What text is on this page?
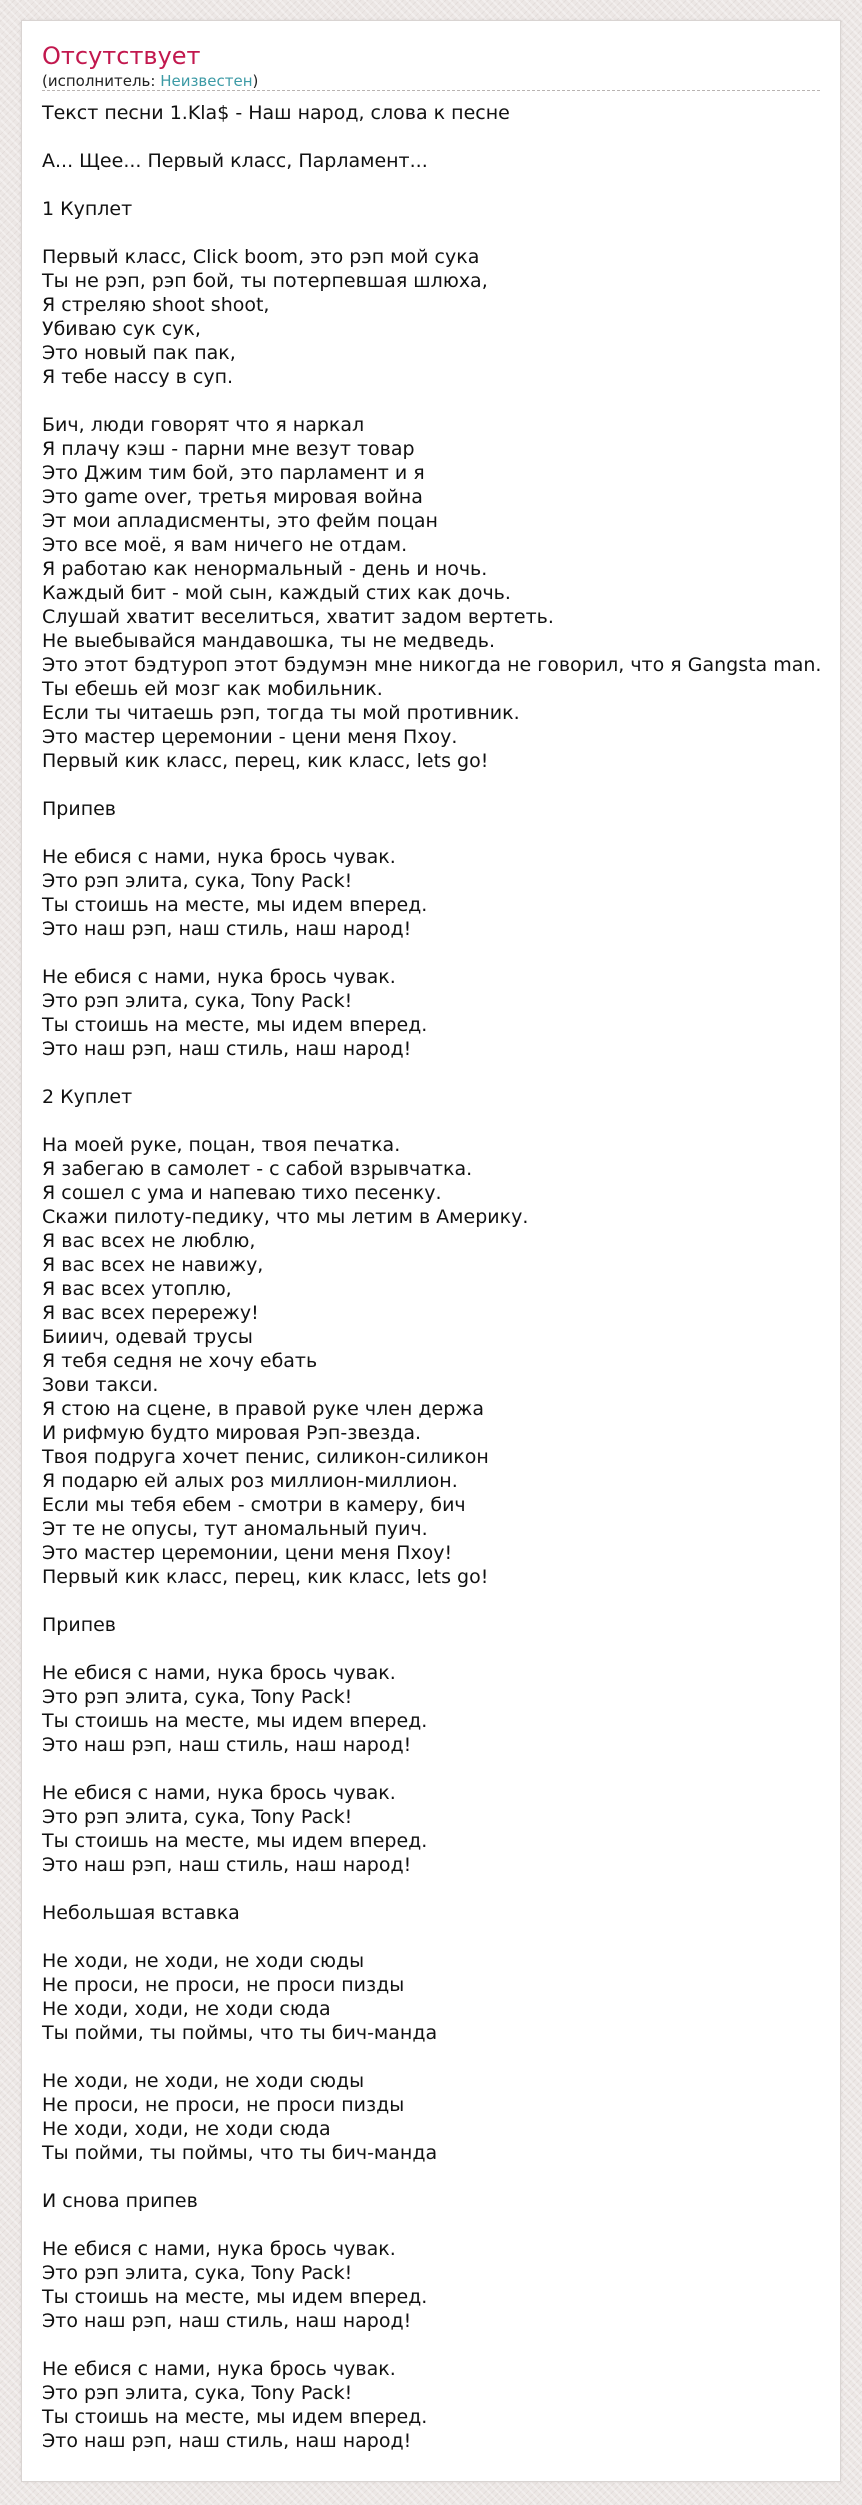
Отсутствует
(исполнитель: Неизвестен)
Текст песни 1.Kla$ - Наш народ, слова к песне
А... Щее... Первый класс, Парламент...
1 Куплет
Первый класс, Click boom, это рэп мой сука
Ты не рэп, рэп бой, ты потерпевшая шлюха,
Я стреляю shoot shoot,
Убиваю сук сук,
Это новый пак пак,
Я тебе нассу в суп.
Бич, люди говорят что я наркал
Я плачу кэш - парни мне везут товар
Это Джим тим бой, это парламент и я
Это game over, третья мировая война
Эт мои апладисменты, это фейм поцан
Это все моё, я вам ничего не отдам.
Я работаю как ненормальный - день и ночь.
Каждый бит - мой сын, каждый стих как дочь.
Слушай хватит веселиться, хватит задом вертеть.
Не выебывайся мандавошка, ты не медведь.
Это этот бэдтуроп этот бэдумэн мне никогда не говорил, что я Gangsta man.
Ты ебешь ей мозг как мобильник.
Если ты читаешь рэп, тогда ты мой противник.
Это мастер церемонии - цени меня Пхоу.
Первый кик класс, перец, кик класс, lets go!
Припев
Не ебися с нами, нука брось чувак.
Это рэп элита, сука, Tony Pack!
Ты стоишь на месте, мы идем вперед.
Это наш рэп, наш стиль, наш народ!
Не ебися с нами, нука брось чувак.
Это рэп элита, сука, Tony Pack!
Ты стоишь на месте, мы идем вперед.
Это наш рэп, наш стиль, наш народ!
2 Куплет
На моей руке, поцан, твоя печатка.
Я забегаю в самолет - с сабой взрывчатка.
Я сошел с ума и напеваю тихо песенку.
Скажи пилоту-педику, что мы летим в Америку.
Я вас всех не люблю,
Я вас всех не навижу,
Я вас всех утоплю,
Я вас всех перережу!
Бииич, одевай трусы
Я тебя седня не хочу ебать
Зови такси.
Я стою на сцене, в правой руке член держа
И рифмую будто мировая Рэп-звезда.
Твоя подруга хочет пенис, силикон-силикон
Я подарю ей алых роз миллион-миллион.
Если мы тебя ебем - смотри в камеру, бич
Эт те не опусы, тут аномальный пуич.
Это мастер церемонии, цени меня Пхоу!
Первый кик класс, перец, кик класс, lets go!
Припев
Не ебися с нами, нука брось чувак.
Это рэп элита, сука, Tony Pack!
Ты стоишь на месте, мы идем вперед.
Это наш рэп, наш стиль, наш народ!
Не ебися с нами, нука брось чувак.
Это рэп элита, сука, Tony Pack!
Ты стоишь на месте, мы идем вперед.
Это наш рэп, наш стиль, наш народ!
Небольшая вставка
Не ходи, не ходи, не ходи сюды
Не проси, не проси, не проси пизды
Не ходи, ходи, не ходи сюда
Ты пойми, ты поймы, что ты бич-манда
Не ходи, не ходи, не ходи сюды
Не проси, не проси, не проси пизды
Не ходи, ходи, не ходи сюда
Ты пойми, ты поймы, что ты бич-манда
И снова припев
Не ебися с нами, нука брось чувак.
Это рэп элита, сука, Tony Pack!
Ты стоишь на месте, мы идем вперед.
Это наш рэп, наш стиль, наш народ!
Не ебися с нами, нука брось чувак.
Это рэп элита, сука, Tony Pack!
Ты стоишь на месте, мы идем вперед.
Это наш рэп, наш стиль, наш народ!
